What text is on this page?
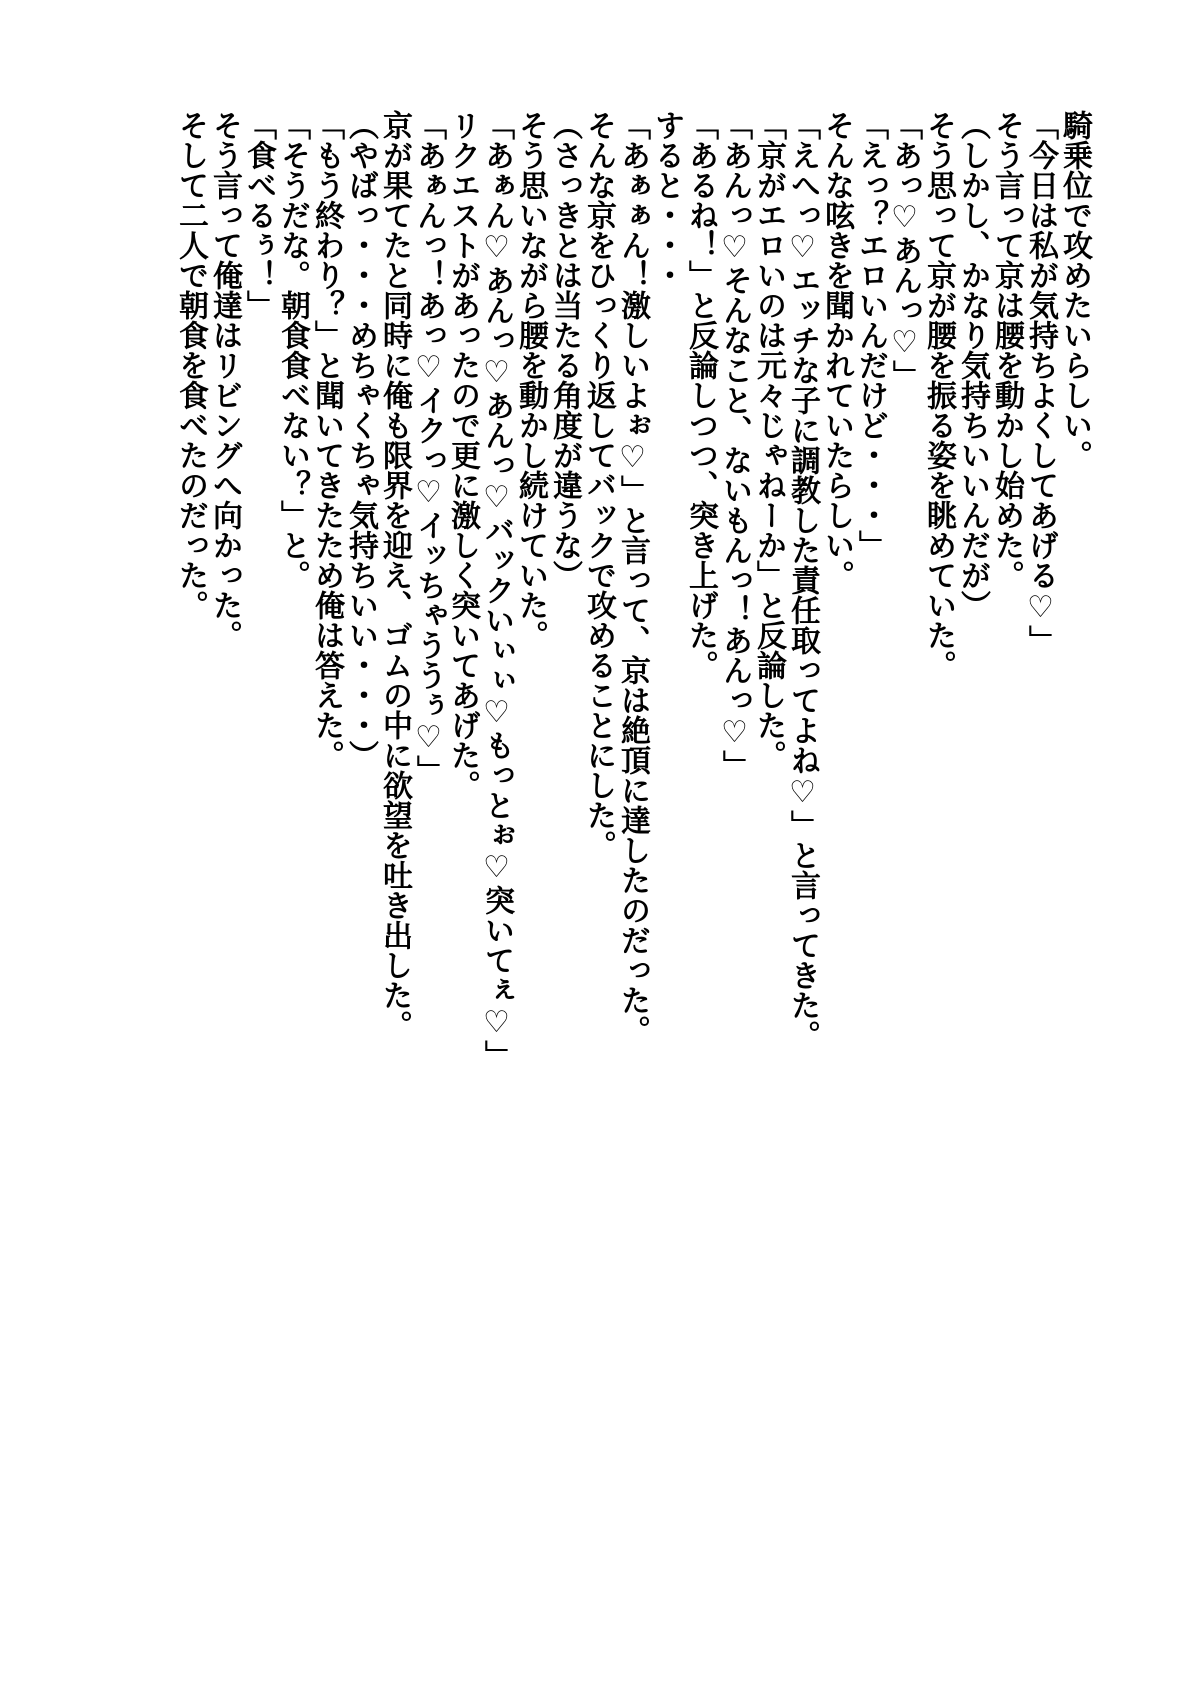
騎乗位で攻めたいらしい。
「今日は私が気持ちよくしてあげる♡」
そう言って京は腰を動かし始めた。
（しかし、かなり気持ちいいんだが）
そう思って京が腰を振る姿を眺めていた。
「あっ♡あんっ♡」
「えっ？エロいんだけど・・・」
そんな呟きを聞かれていたらしい。
「えへっ♡エッチな子に調教した責任取ってよね♡」と言ってきた。
「京がエロいのは元々じゃねーか」と反論した。
「あんっ♡そんなこと、ないもんっ！あんっ♡」
「あるね！」と反論しつつ、突き上げた。
すると・・・
「あぁぁん！激しいよぉ♡」と言って、京は絶頂に達したのだった。
そんな京をひっくり返してバックで攻めることにした。
（さっきとは当たる角度が違うな）
そう思いながら腰を動かし続けていた。
「あぁん♡あんっ♡あんっ♡バックいぃぃ♡もっとぉ♡突いてぇ♡」
リクエストがあったので更に激しく突いてあげた。
「あぁんっ！あっ♡イクっ♡イッちゃううぅ♡」
京が果てたと同時に俺も限界を迎え、ゴムの中に欲望を吐き出した。
（やばっ・・・めちゃくちゃ気持ちいい・・・）
「もう終わり？」と聞いてきたため俺は答えた。
「そうだな。朝食食べない？」と。
「食べるぅ！」
そう言って俺達はリビングへ向かった。
そして二人で朝食を食べたのだった。
